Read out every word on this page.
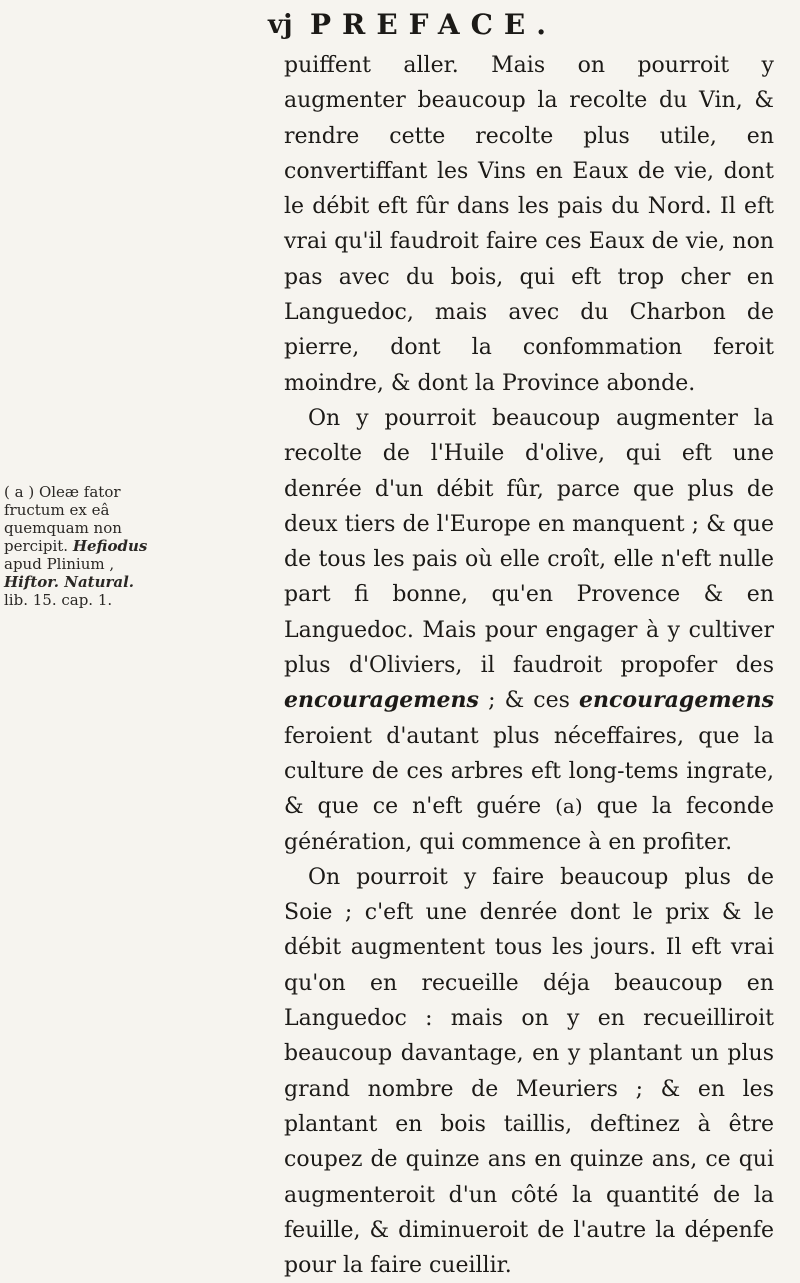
vj PREFACE.
( a ) Oleæ fator
fructum ex eâ
quemquam non
percipit. Hefiodus
apud Plinium ,
Hiftor. Natural.
lib. 15. cap. 1.

puiffent aller. Mais on pourroit y augmenter beaucoup la recolte du Vin, & rendre cette recolte plus utile, en convertiffant les Vins en Eaux de vie, dont le débit eft fûr dans les pais du Nord. Il eft vrai qu'il faudroit faire ces Eaux de vie, non pas avec du bois, qui eft trop cher en Languedoc, mais avec du Charbon de pierre, dont la confommation feroit moindre, & dont la Province abonde.

On y pourroit beaucoup augmenter la recolte de l'Huile d'olive, qui eft une denrée d'un débit fûr, parce que plus de deux tiers de l'Europe en manquent ; & que de tous les pais où elle croît, elle n'eft nulle part fi bonne, qu'en Provence & en Languedoc. Mais pour engager à y cultiver plus d'Oliviers, il faudroit propofer des encouragemens ; & ces encouragemens feroient d'autant plus néceffaires, que la culture de ces arbres eft long-tems ingrate, & que ce n'eft guére (a) que la feconde génération, qui commence à en profiter.

On pourroit y faire beaucoup plus de Soie ; c'eft une denrée dont le prix & le débit augmentent tous les jours. Il eft vrai qu'on en recueille déja beaucoup en Languedoc : mais on y en recueilliroit beaucoup davantage, en y plantant un plus grand nombre de Meuriers ; & en les plantant en bois taillis, deftinez à être coupez de quinze ans en quinze ans, ce qui augmenteroit d'un côté la quantité de la feuille, & diminueroit de l'autre la dépenfe pour la faire cueillir.
